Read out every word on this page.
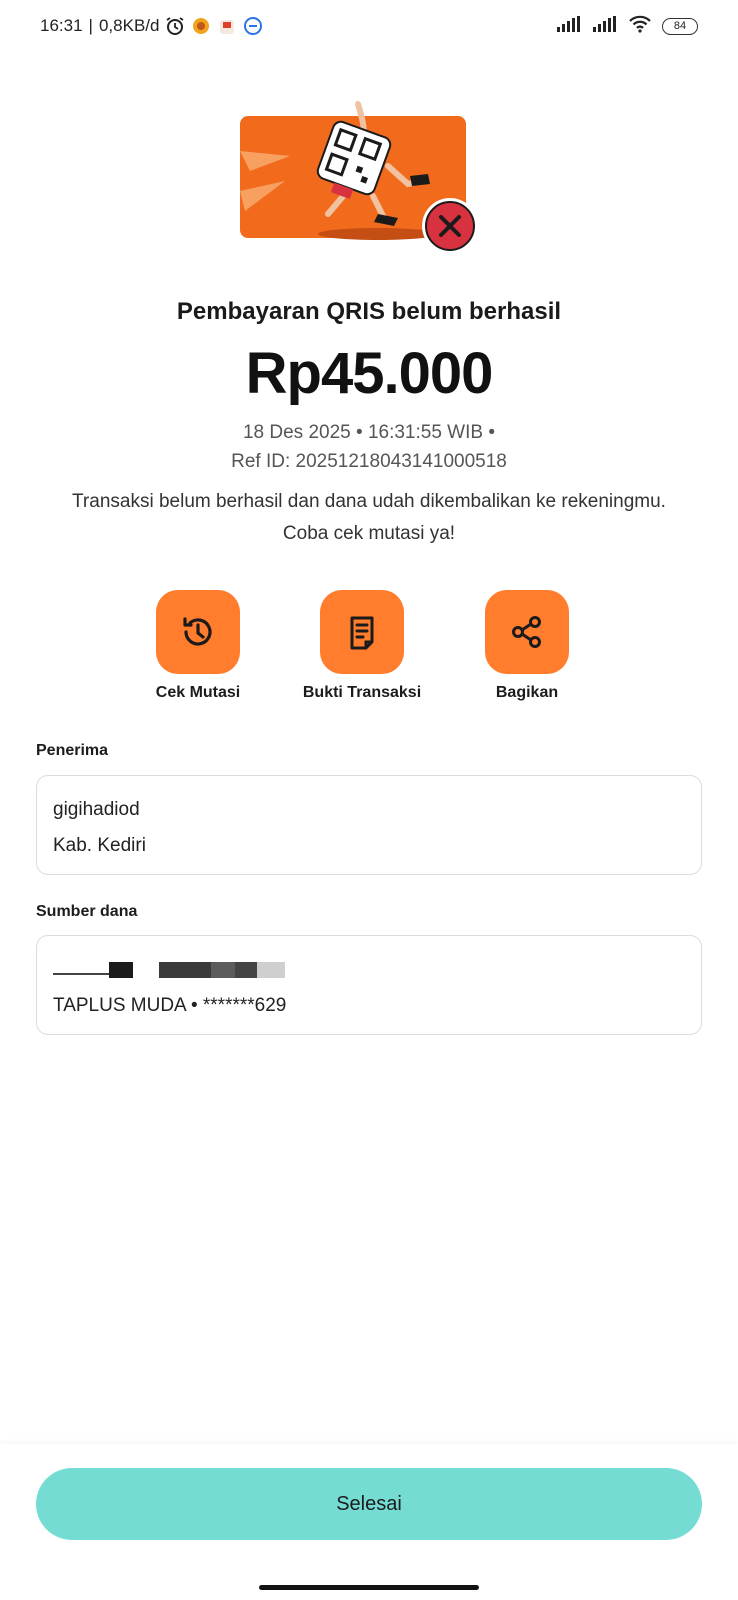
16:31 | 0,8KB/d	84
Pembayaran QRIS belum berhasil
Rp45.000
18 Des 2025 • 16:31:55 WIB •
Ref ID: 20251218043141000518
Transaksi belum berhasil dan dana udah dikembalikan ke rekeningmu.
Coba cek mutasi ya!
Cek Mutasi	Bukti Transaksi	Bagikan
Penerima
gigihadiod
Kab. Kediri
Sumber dana
TAPLUS MUDA • *******629
Selesai
